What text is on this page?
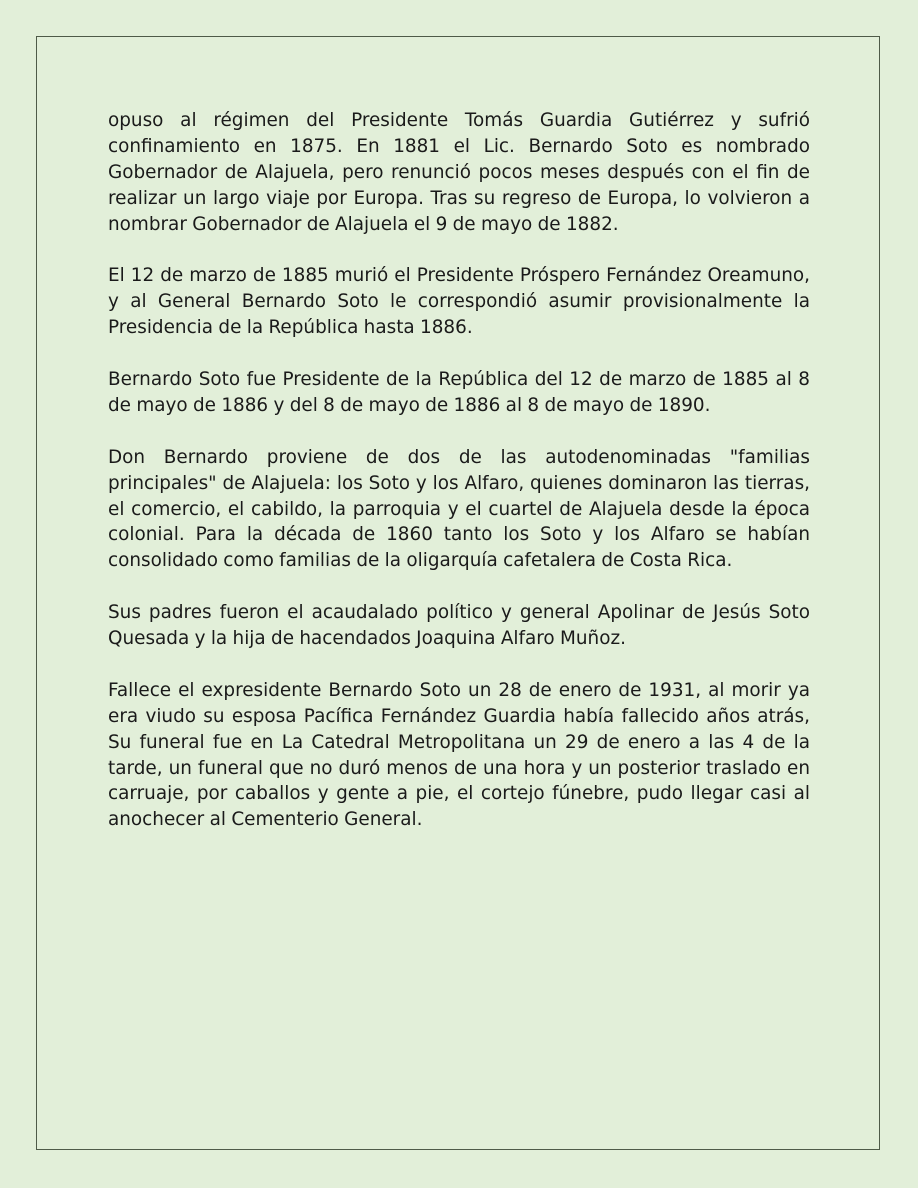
opuso al régimen del Presidente Tomás Guardia Gutiérrez y sufrió confinamiento en 1875. En 1881 el Lic. Bernardo Soto es nombrado Gobernador de Alajuela, pero renunció pocos meses después con el fin de realizar un largo viaje por Europa. Tras su regreso de Europa, lo volvieron a nombrar Gobernador de Alajuela el 9 de mayo de 1882.

El 12 de marzo de 1885 murió el Presidente Próspero Fernández Oreamuno, y al General Bernardo Soto le correspondió asumir provisionalmente la Presidencia de la República hasta 1886.

Bernardo Soto fue Presidente de la República del 12 de marzo de 1885 al 8 de mayo de 1886 y del 8 de mayo de 1886 al 8 de mayo de 1890.

Don Bernardo proviene de dos de las autodenominadas "familias principales" de Alajuela: los Soto y los Alfaro, quienes dominaron las tierras, el comercio, el cabildo, la parroquia y el cuartel de Alajuela desde la época colonial. Para la década de 1860 tanto los Soto y los Alfaro se habían consolidado como familias de la oligarquía cafetalera de Costa Rica.

Sus padres fueron el acaudalado político y general Apolinar de Jesús Soto Quesada y la hija de hacendados Joaquina Alfaro Muñoz.

Fallece el expresidente Bernardo Soto un 28 de enero de 1931, al morir ya era viudo su esposa Pacífica Fernández Guardia había fallecido años atrás, Su funeral fue en La Catedral Metropolitana un 29 de enero a las 4 de la tarde, un funeral que no duró menos de una hora y un posterior traslado en carruaje, por caballos y gente a pie, el cortejo fúnebre, pudo llegar casi al anochecer al Cementerio General.
